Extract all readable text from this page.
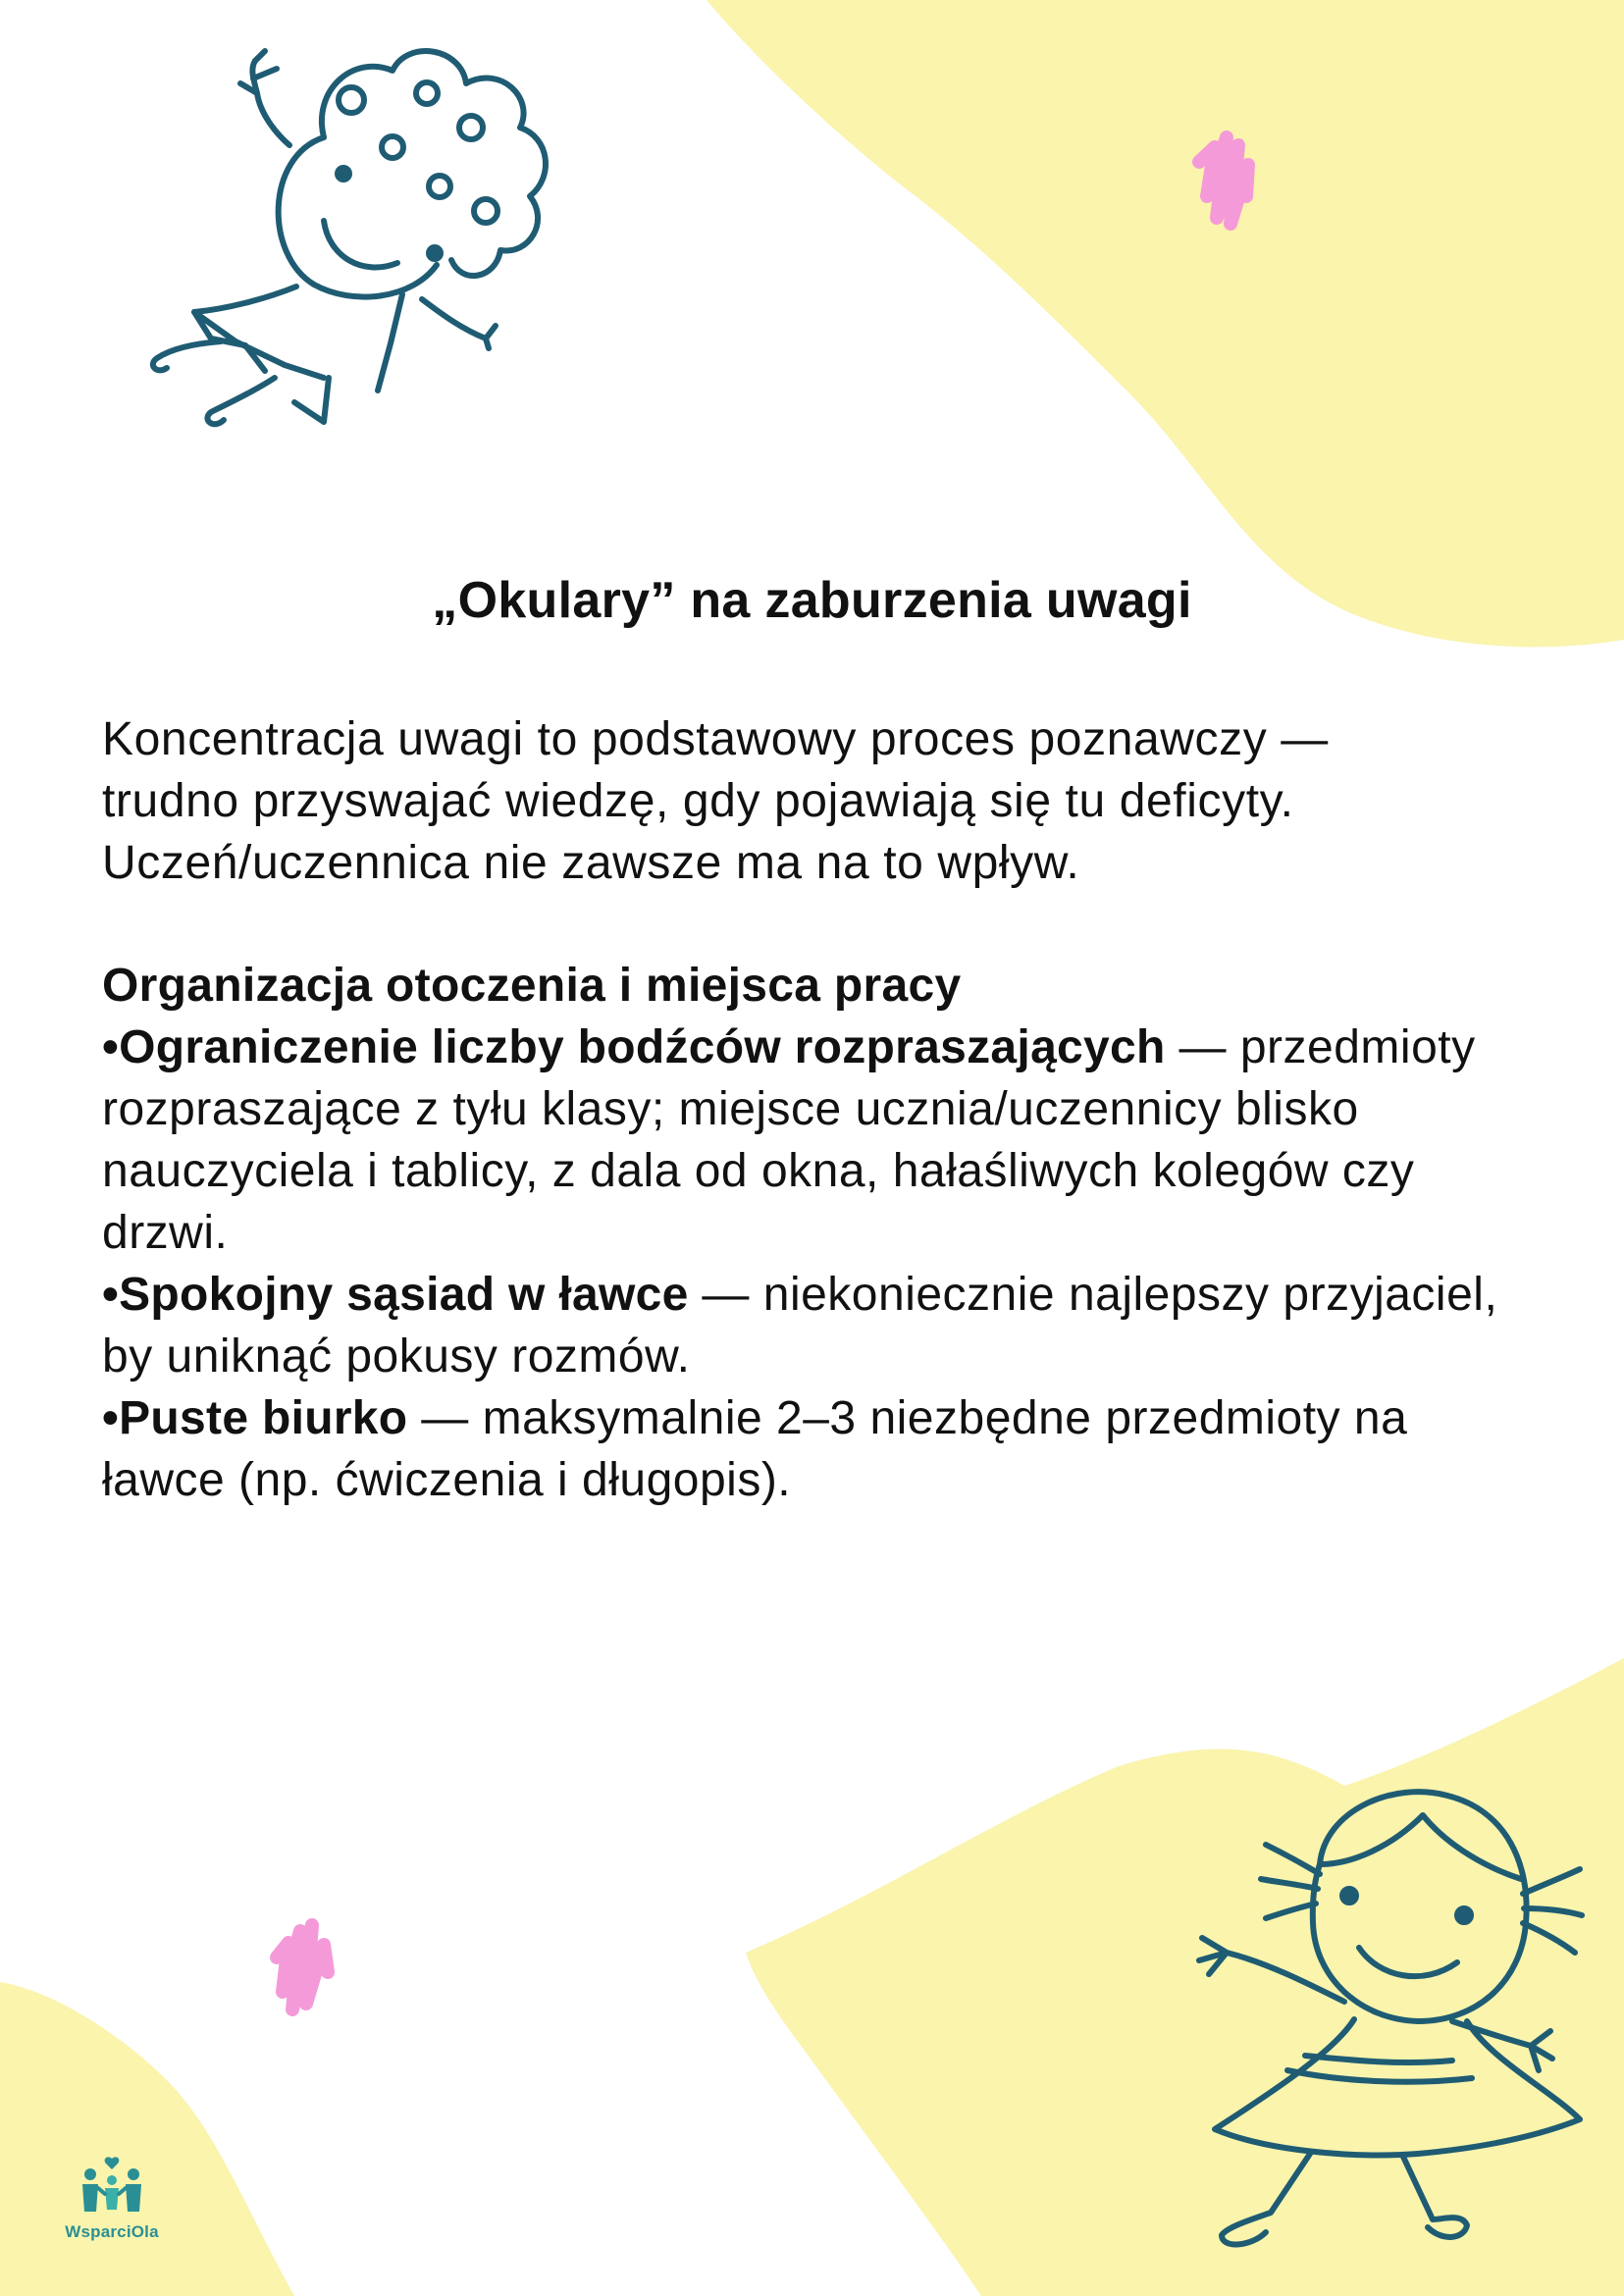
„Okulary” na zaburzenia uwagi
Koncentracja uwagi to podstawowy proces poznawczy —
trudno przyswajać wiedzę, gdy pojawiają się tu deficyty.
Uczeń/uczennica nie zawsze ma na to wpływ.
Organizacja otoczenia i miejsca pracy

•Ograniczenie liczby bodźców rozpraszających — przedmioty rozpraszające z tyłu klasy; miejsce ucznia/uczennicy blisko nauczyciela i tablicy, z dala od okna, hałaśliwych kolegów czy drzwi.

•Spokojny sąsiad w ławce — niekoniecznie najlepszy przyjaciel, by uniknąć pokusy rozmów.

•Puste biurko — maksymalnie 2–3 niezbędne przedmioty na ławce (np. ćwiczenia i długopis).

WsparciOla
